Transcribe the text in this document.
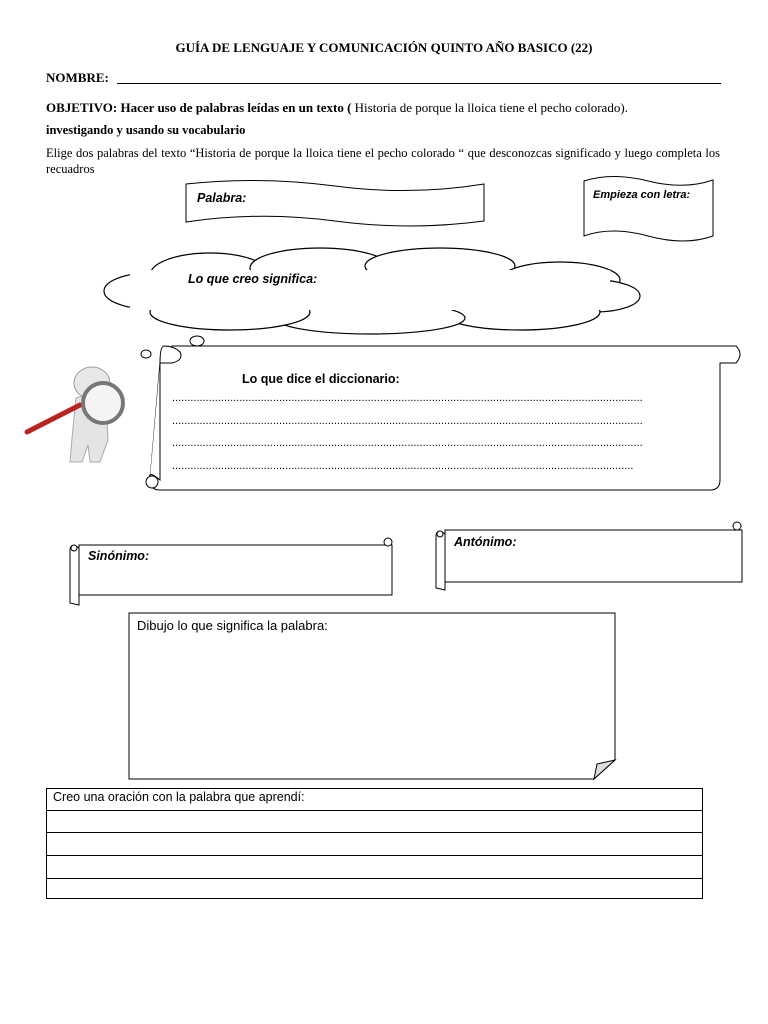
GUÍA DE LENGUAJE Y COMUNICACIÓN QUINTO AÑO BASICO (22)
NOMBRE:
OBJETIVO: Hacer uso de palabras leídas en un texto ( Historia de porque la lloica tiene el pecho colorado).
investigando y usando su vocabulario
Elige dos palabras del texto “Historia de porque la lloica tiene el pecho colorado “ que desconozcas significado y luego completa los recuadros
Palabra:	Empieza con letra:
Lo que creo significa:
Lo que dice el diccionario:
..........................................................................................................................................................
..........................................................................................................................................................
..........................................................................................................................................................
.......................................................................................................................................................
Sinónimo:
Antónimo:
Dibujo lo que significa la palabra:
Creo una oración con la palabra que aprendí:
